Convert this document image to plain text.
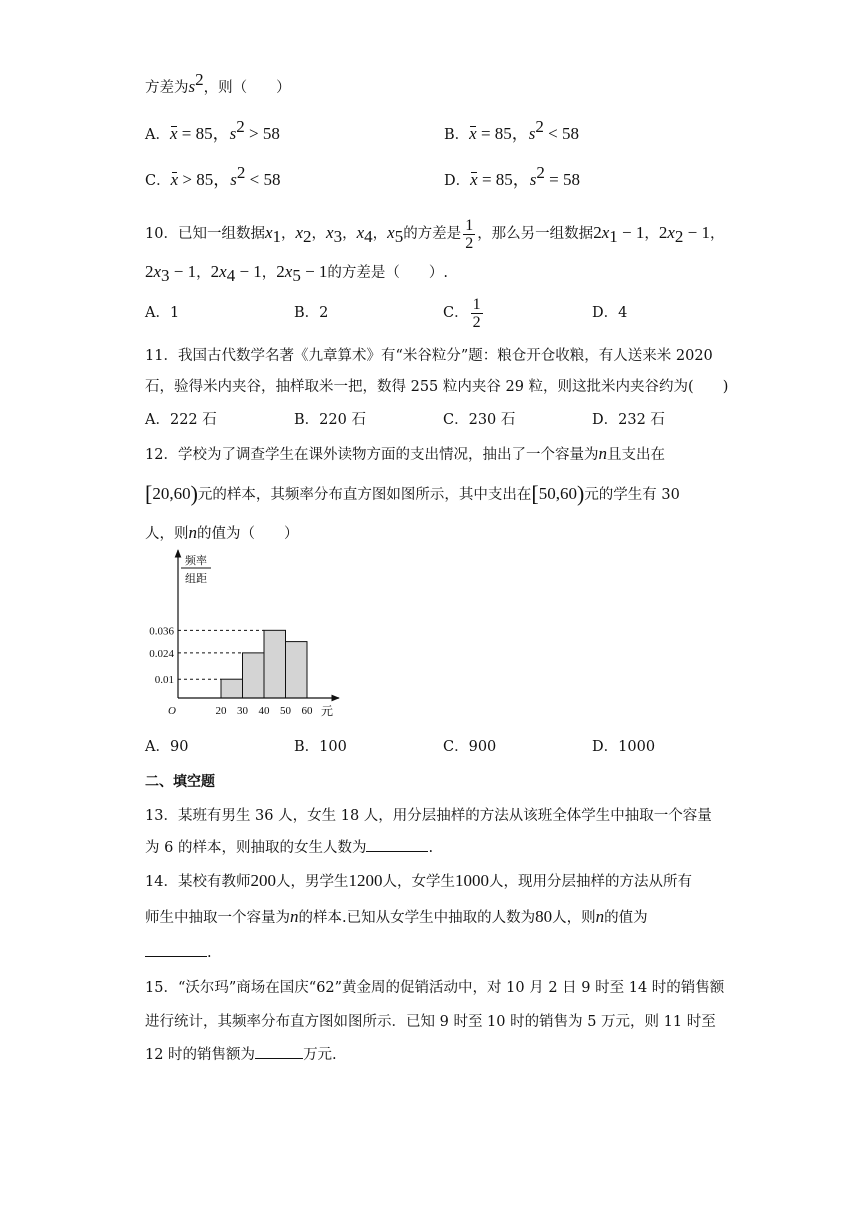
方差为$s^2$，则（　　）
A．x = 85，$s^2 > 58$	B．x = 85，$s^2 < 58$
C．x > 85，$s^2 < 58$	D．x = 85，$s^2 = 58$
10．已知一组数据$x_1$，$x_2$，$x_3$，$x_4$，$x_5$的方差是 $\frac{1}{2}$ ，那么另一组数据$2x_1 - 1$，$2x_2 - 1$，
$2x_3 - 1$，$2x_4 - 1$，$2x_5 - 1$的方差是（　　）.
A．1	B．2	C． $\frac{1}{2}$	D．4
11．我国古代数学名著《九章算术》有“米谷粒分”题：粮仓开仓收粮，有人送来米 2020
石，验得米内夹谷，抽样取米一把，数得 255 粒内夹谷 29 粒，则这批米内夹谷约为(　　)
A．222 石	B．220 石	C．230 石	D．232 石
12．学校为了调查学生在课外读物方面的支出情况，抽出了一个容量为n且支出在
[20,60)元的样本，其频率分布直方图如图所示，其中支出在[50,60)元的学生有 30
人，则n的值为（　　）
0.01
0.024
0.036
20 30 40 50 60
O	元
频率
组距
A．90	B．100	C．900	D．1000
二、填空题
13．某班有男生 36 人，女生 18 人，用分层抽样的方法从该班全体学生中抽取一个容量
为 6 的样本，则抽取的女生人数为	.
14．某校有教师200人，男学生1200人，女学生1000人，现用分层抽样的方法从所有
师生中抽取一个容量为n的样本.已知从女学生中抽取的人数为80人，则n的值为
.
15．“沃尔玛”商场在国庆“62”黄金周的促销活动中，对 10 月 2 日 9 时至 14 时的销售额
进行统计，其频率分布直方图如图所示．已知 9 时至 10 时的销售为 5 万元，则 11 时至
12 时的销售额为	万元.
